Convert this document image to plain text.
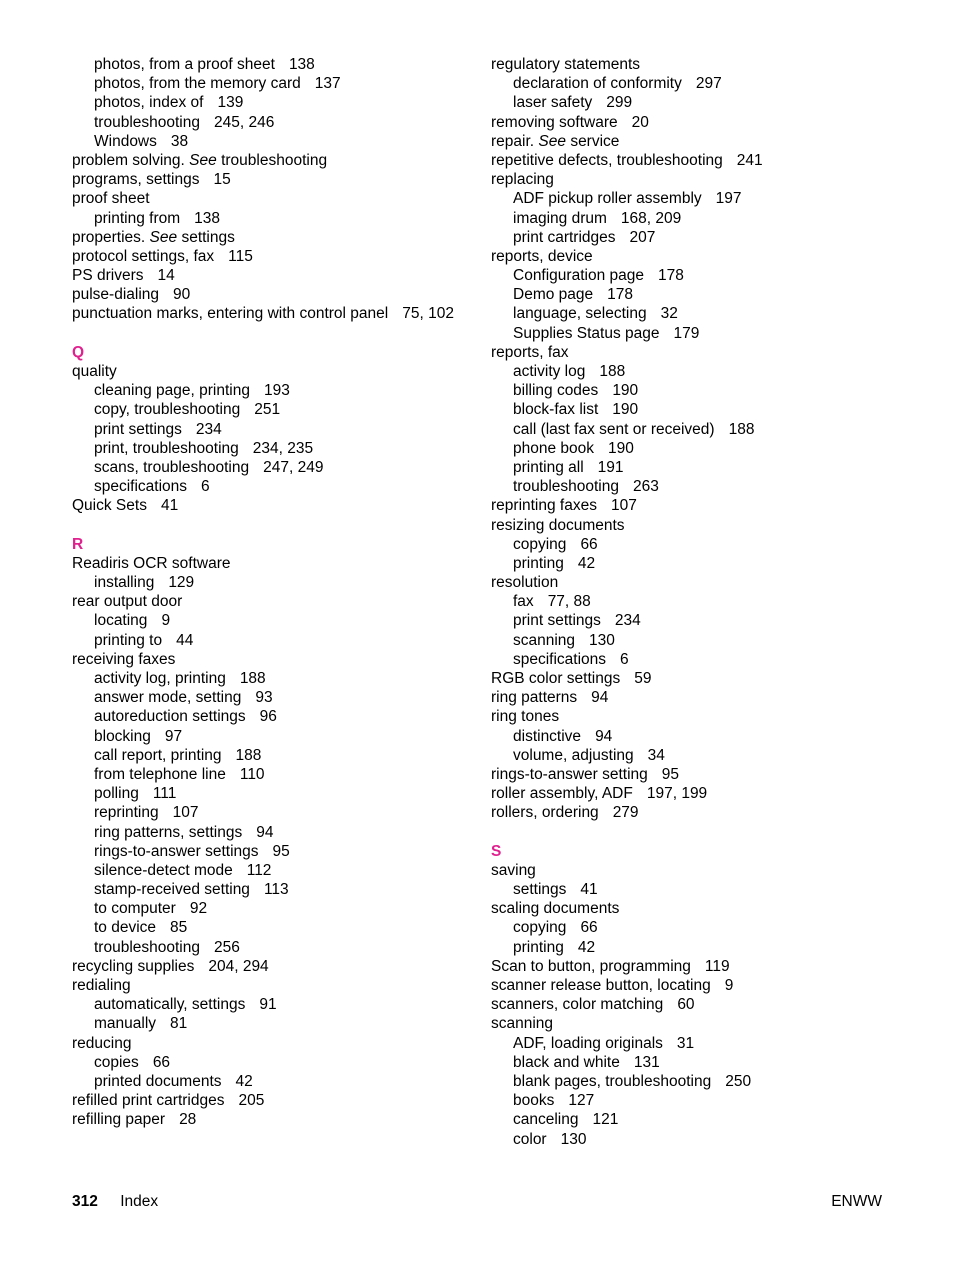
photos, from a proof sheet 138
photos, from the memory card 137
photos, index of 139
troubleshooting 245, 246
Windows 38
problem solving. See troubleshooting
programs, settings 15
proof sheet
printing from 138
properties. See settings
protocol settings, fax 115
PS drivers 14
pulse-dialing 90
punctuation marks, entering with control panel 75, 102
Q
quality
cleaning page, printing 193
copy, troubleshooting 251
print settings 234
print, troubleshooting 234, 235
scans, troubleshooting 247, 249
specifications 6
Quick Sets 41
R
Readiris OCR software
installing 129
rear output door
locating 9
printing to 44
receiving faxes
activity log, printing 188
answer mode, setting 93
autoreduction settings 96
blocking 97
call report, printing 188
from telephone line 110
polling 111
reprinting 107
ring patterns, settings 94
rings-to-answer settings 95
silence-detect mode 112
stamp-received setting 113
to computer 92
to device 85
troubleshooting 256
recycling supplies 204, 294
redialing
automatically, settings 91
manually 81
reducing
copies 66
printed documents 42
refilled print cartridges 205
refilling paper 28
regulatory statements
declaration of conformity 297
laser safety 299
removing software 20
repair. See service
repetitive defects, troubleshooting 241
replacing
ADF pickup roller assembly 197
imaging drum 168, 209
print cartridges 207
reports, device
Configuration page 178
Demo page 178
language, selecting 32
Supplies Status page 179
reports, fax
activity log 188
billing codes 190
block-fax list 190
call (last fax sent or received) 188
phone book 190
printing all 191
troubleshooting 263
reprinting faxes 107
resizing documents
copying 66
printing 42
resolution
fax 77, 88
print settings 234
scanning 130
specifications 6
RGB color settings 59
ring patterns 94
ring tones
distinctive 94
volume, adjusting 34
rings-to-answer setting 95
roller assembly, ADF 197, 199
rollers, ordering 279
S
saving
settings 41
scaling documents
copying 66
printing 42
Scan to button, programming 119
scanner release button, locating 9
scanners, color matching 60
scanning
ADF, loading originals 31
black and white 131
blank pages, troubleshooting 250
books 127
canceling 121
color 130
312 Index	ENWW
